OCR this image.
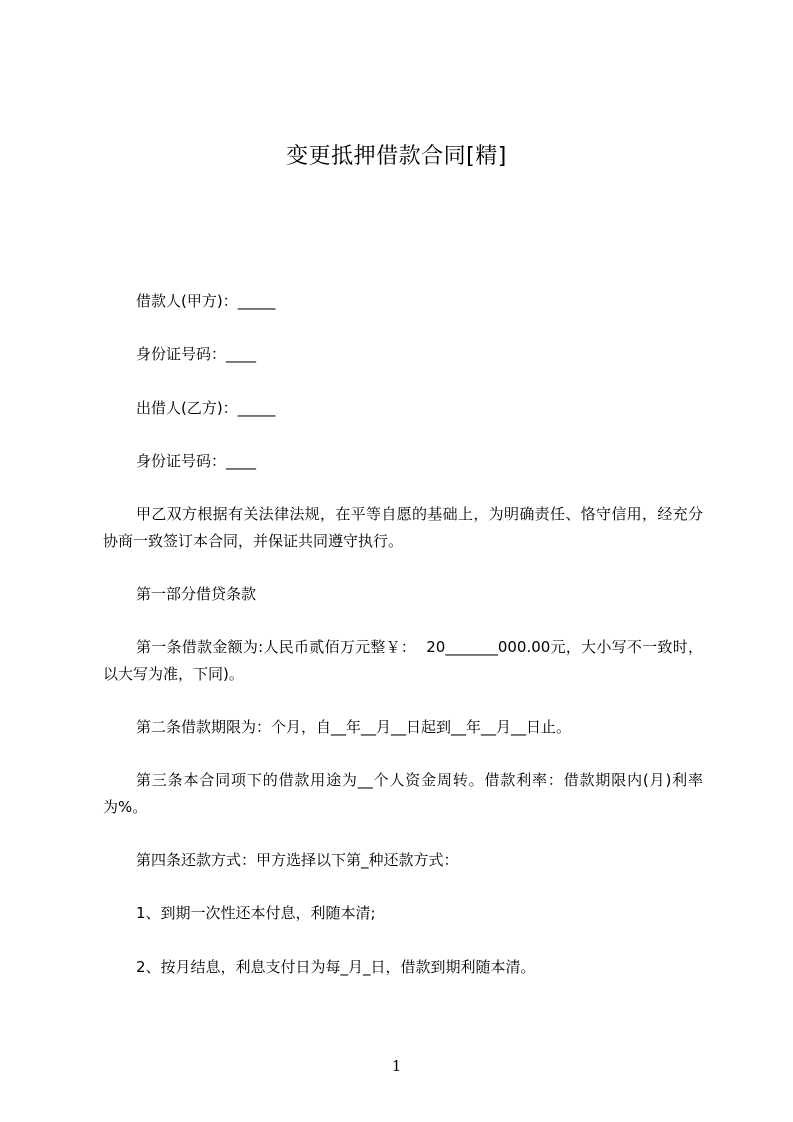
变更抵押借款合同[精]
借款人(甲方)：_____
身份证号码：____
出借人(乙方)：_____
身份证号码：____
甲乙双方根据有关法律法规，在平等自愿的基础上，为明确责任、恪守信用，经充分协商一致签订本合同，并保证共同遵守执行。
第一部分借贷条款
第一条借款金额为:人民币贰佰万元整￥：  20_______000.00元，大小写不一致时，以大写为准，下同)。
第二条借款期限为：个月，自__年__月__日起到__年__月__日止。
第三条本合同项下的借款用途为__个人资金周转。借款利率：借款期限内(月)利率为%。
第四条还款方式：甲方选择以下第_种还款方式：
1、到期一次性还本付息，利随本清;
2、按月结息，利息支付日为每_月_日，借款到期利随本清。
1
